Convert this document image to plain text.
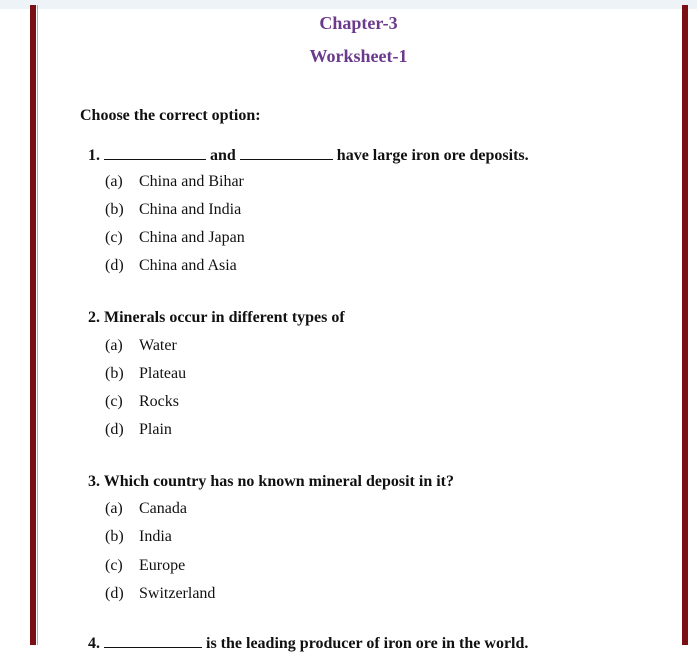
Chapter-3
Worksheet-1
Choose the correct option:
1.	and	have large iron ore deposits.
(a) China and Bihar
(b) China and India
(c) China and Japan
(d) China and Asia
2. Minerals occur in different types of
(a) Water
(b) Plateau
(c) Rocks
(d) Plain
3. Which country has no known mineral deposit in it?
(a) Canada
(b) India
(c) Europe
(d) Switzerland
4.	is the leading producer of iron ore in the world.
